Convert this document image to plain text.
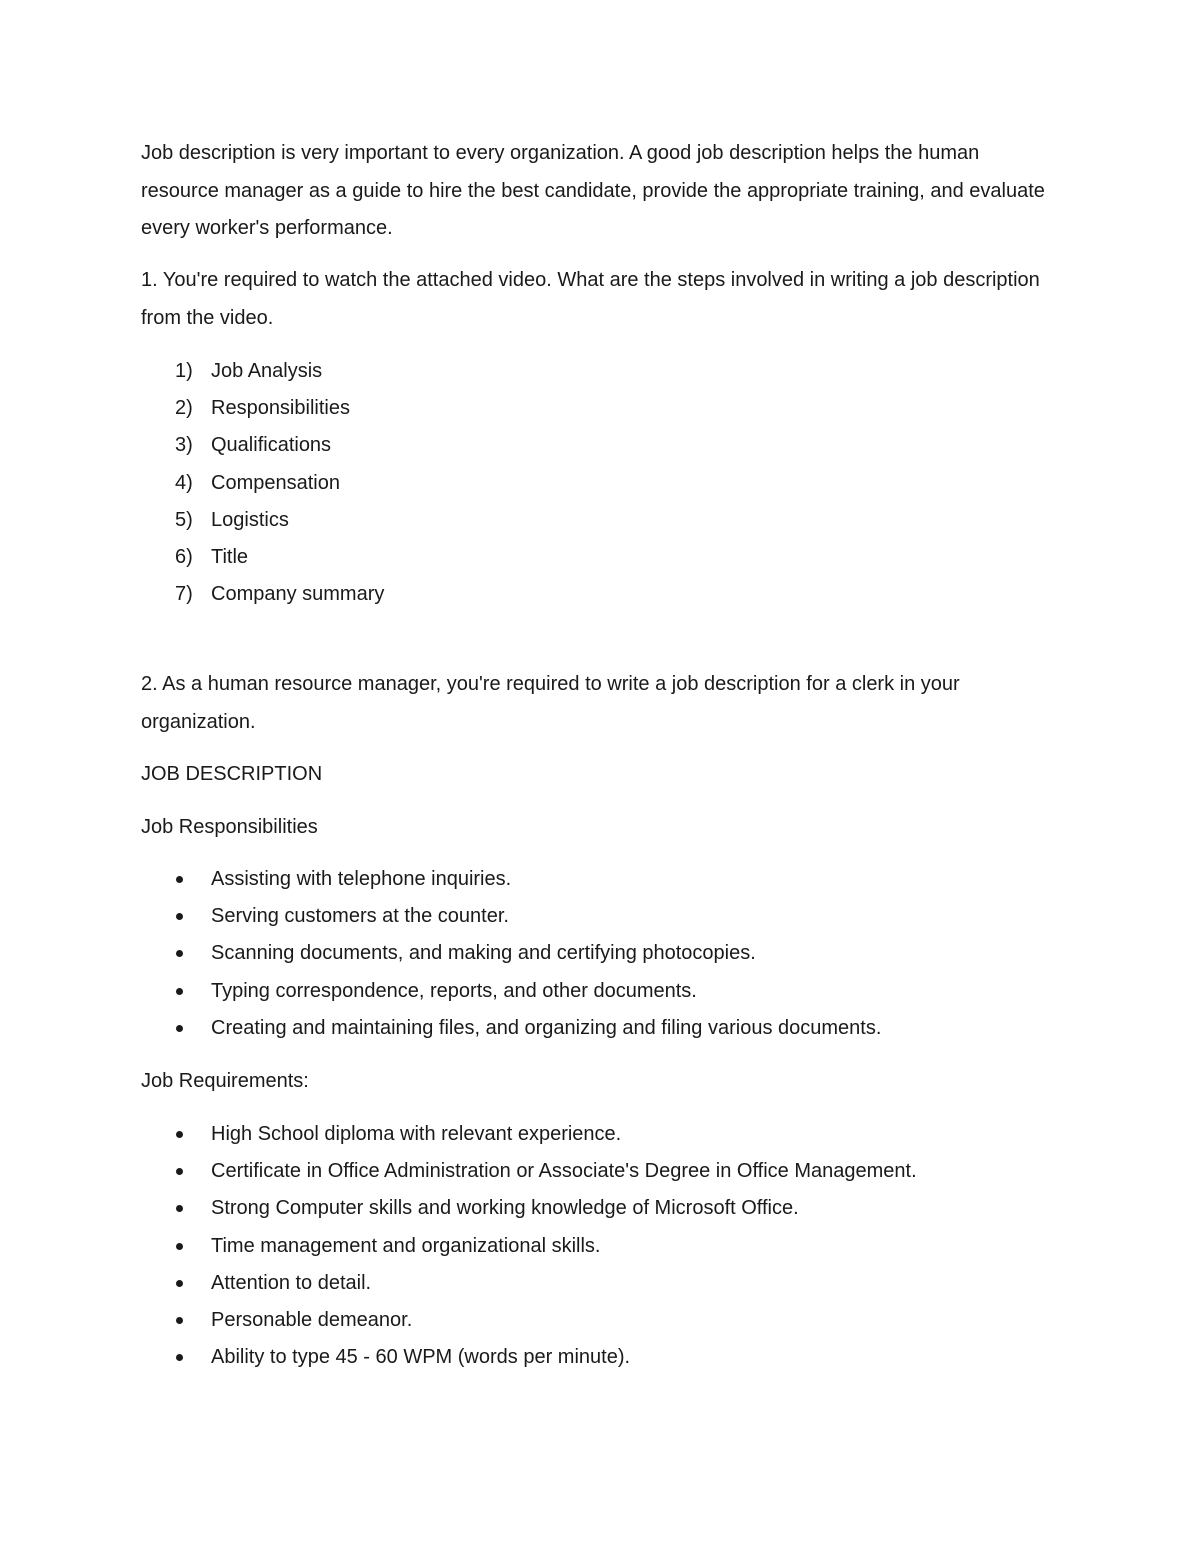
Job description is very important to every organization. A good job description helps the human resource manager as a guide to hire the best candidate, provide the appropriate training, and evaluate every worker's performance.

1. You're required to watch the attached video. What are the steps involved in writing a job description from the video.

1) Job Analysis
2) Responsibilities
3) Qualifications
4) Compensation
5) Logistics
6) Title
7) Company summary

2. As a human resource manager, you're required to write a job description for a clerk in your organization.

JOB DESCRIPTION

Job Responsibilities

Assisting with telephone inquiries.
Serving customers at the counter.
Scanning documents, and making and certifying photocopies.
Typing correspondence, reports, and other documents.
Creating and maintaining files, and organizing and filing various documents.

Job Requirements:

High School diploma with relevant experience.
Certificate in Office Administration or Associate's Degree in Office Management.
Strong Computer skills and working knowledge of Microsoft Office.
Time management and organizational skills.
Attention to detail.
Personable demeanor.
Ability to type 45 - 60 WPM (words per minute).
